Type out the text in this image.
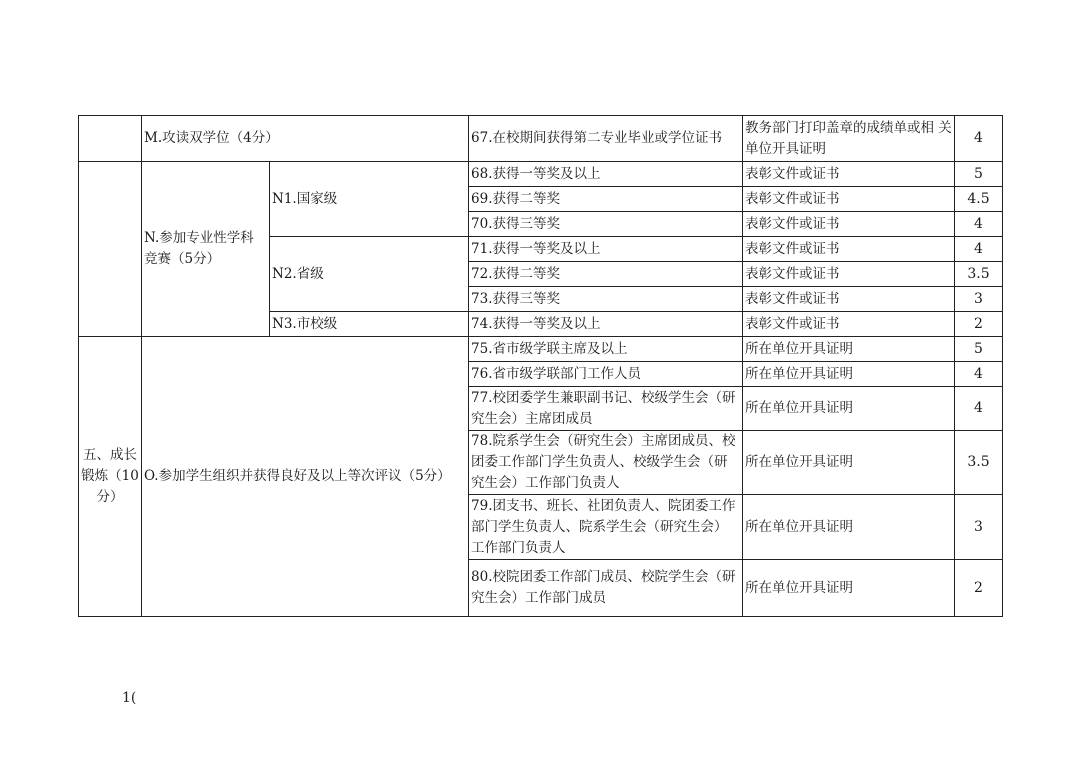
	M.攻读双学位（4分）		67.在校期间获得第二专业毕业或学位证书	教务部门打印盖章的成绩单或相 关单位开具证明	4
	N.参加专业性学科竞赛（5分）	N1.国家级	68.获得一等奖及以上	表彰文件或证书	5
			69.获得二等奖	表彰文件或证书	4.5
			70.获得三等奖	表彰文件或证书	4
		N2.省级	71.获得一等奖及以上	表彰文件或证书	4
			72.获得二等奖	表彰文件或证书	3.5
			73.获得三等奖	表彰文件或证书	3
		N3.市校级	74.获得一等奖及以上	表彰文件或证书	2
五、成长锻炼（10分）	O.参加学生组织并获得良好及以上等次评议（5分）		75.省市级学联主席及以上	所在单位开具证明	5
			76.省市级学联部门工作人员	所在单位开具证明	4
			77.校团委学生兼职副书记、校级学生会（研 究生会）主席团成员	所在单位开具证明	4
			78.院系学生会（研究生会）主席团成员、校 团委工作部门学生负责人、校级学生会（研 究生会）工作部门负责人	所在单位开具证明	3.5
			79.团支书、班长、社团负责人、院团委工作 部门学生负责人、院系学生会（研究生会） 工作部门负责人	所在单位开具证明	3
			80.校院团委工作部门成员、校院学生会（研 究生会）工作部门成员	所在单位开具证明	2
1(
